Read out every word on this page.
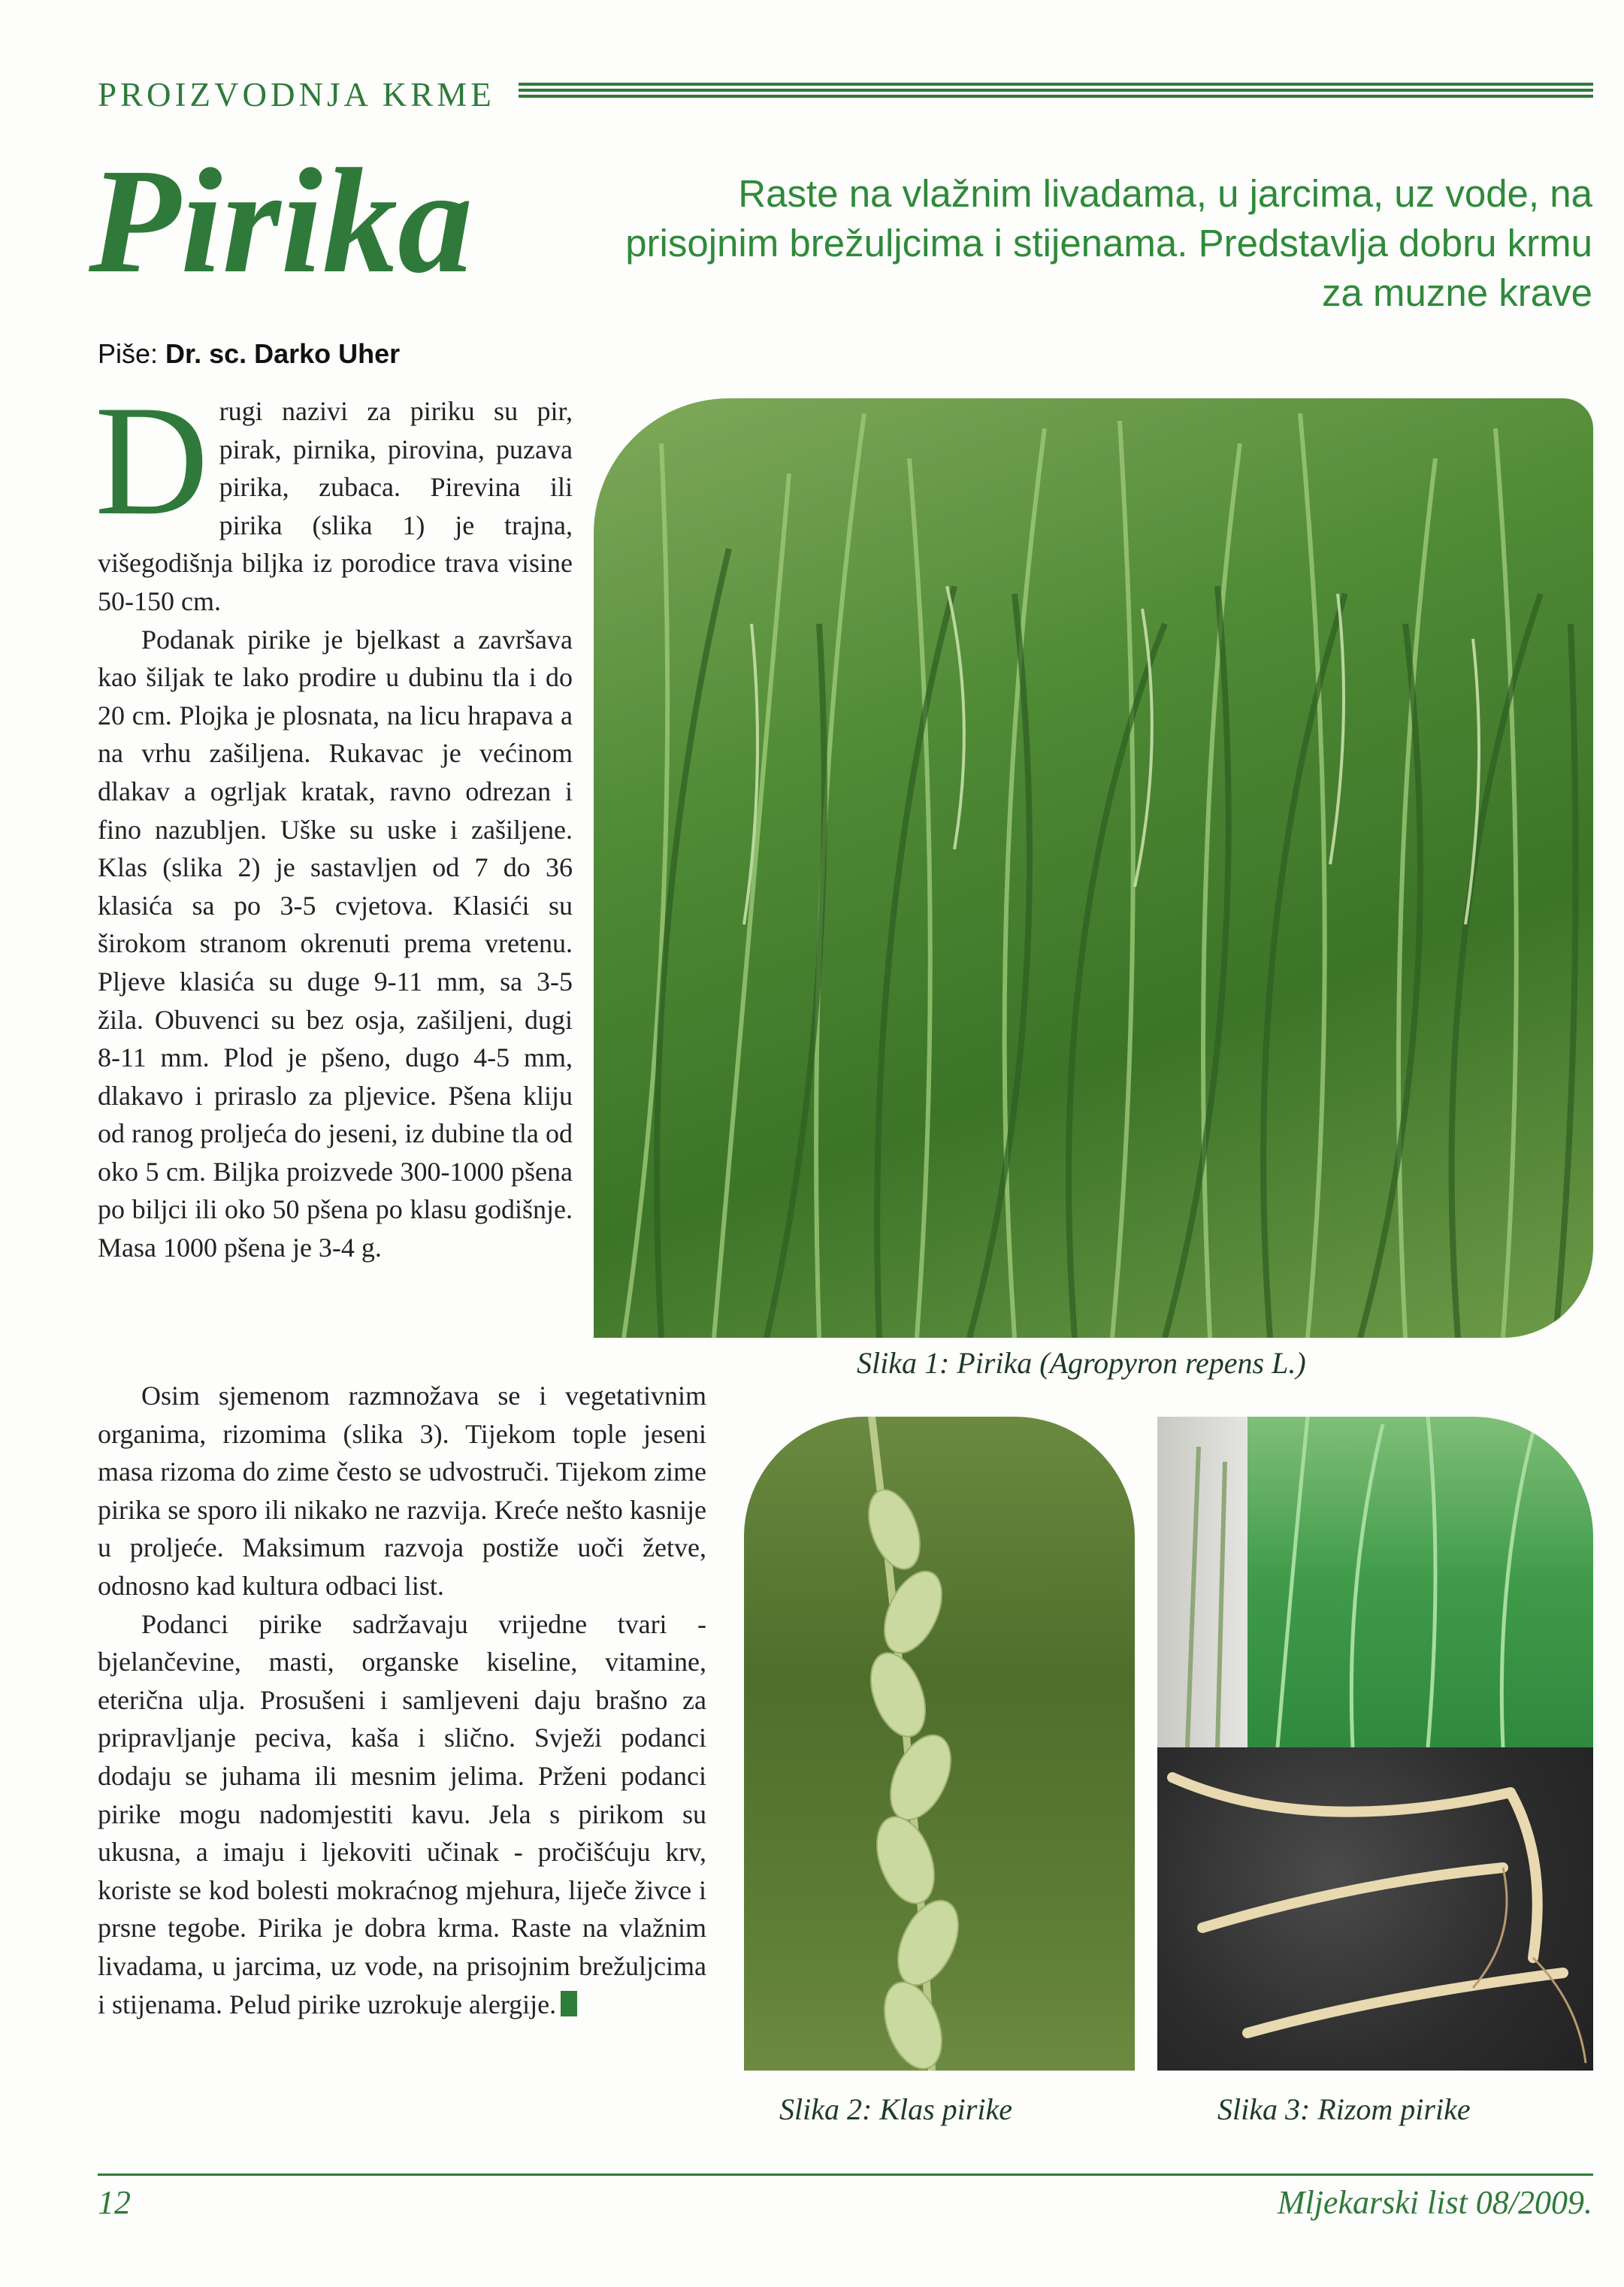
PROIZVODNJA KRME
Pirika
Piše: Dr. sc. Darko Uher
Raste na vlažnim livadama, u jarcima, uz vode, na prisojnim brežuljcima i stijenama. Predstavlja dobru krmu za muzne krave

Drugi nazivi za piriku su pir, pirak, pirnika, pirovina, puzava pirika, zubaca. Pirevina ili pirika (slika 1) je trajna, višegodišnja biljka iz porodice trava visine 50-150 cm.

Podanak pirike je bjelkast a završava kao šiljak te lako prodire u dubinu tla i do 20 cm. Plojka je plosnata, na licu hrapava a na vrhu zašiljena. Rukavac je većinom dlakav a ogrljak kratak, ravno odrezan i fino nazubljen. Uške su uske i zašiljene. Klas (slika 2) je sastavljen od 7 do 36 klasića sa po 3-5 cvjetova. Klasići su širokom stranom okrenuti prema vretenu. Pljeve klasića su duge 9-11 mm, sa 3-5 žila. Obuvenci su bez osja, zašiljeni, dugi 8-11 mm. Plod je pšeno, dugo 4-5 mm, dlakavo i priraslo za pljevice. Pšena kliju od ranog proljeća do jeseni, iz dubine tla od oko 5 cm. Biljka proizvede 300-1000 pšena po biljci ili oko 50 pšena po klasu godišnje. Masa 1000 pšena je 3-4 g.

Osim sjemenom razmnožava se i vegetativnim organima, rizomima (slika 3). Tijekom tople jeseni masa rizoma do zime često se udvostruči. Tijekom zime pirika se sporo ili nikako ne razvija. Kreće nešto kasnije u proljeće. Maksimum razvoja postiže uoči žetve, odnosno kad kultura odbaci list.

Podanci pirike sadržavaju vrijedne tvari - bjelančevine, masti, organske kiseline, vitamine, eterična ulja. Prosušeni i samljeveni daju brašno za pripravljanje peciva, kaša i slično. Svježi podanci dodaju se juhama ili mesnim jelima. Prženi podanci pirike mogu nadomjestiti kavu. Jela s pirikom su ukusna, a imaju i ljekoviti učinak - pročišćuju krv, koriste se kod bolesti mokraćnog mjehura, liječe živce i prsne tegobe. Pirika je dobra krma. Raste na vlažnim livadama, u jarcima, uz vode, na prisojnim brežuljcima i stijenama. Pelud pirike uzrokuje alergije.

Slika 1: Pirika (Agropyron repens L.)
Slika 2: Klas pirike	Slika 3: Rizom pirike
12	Mljekarski list 08/2009.
